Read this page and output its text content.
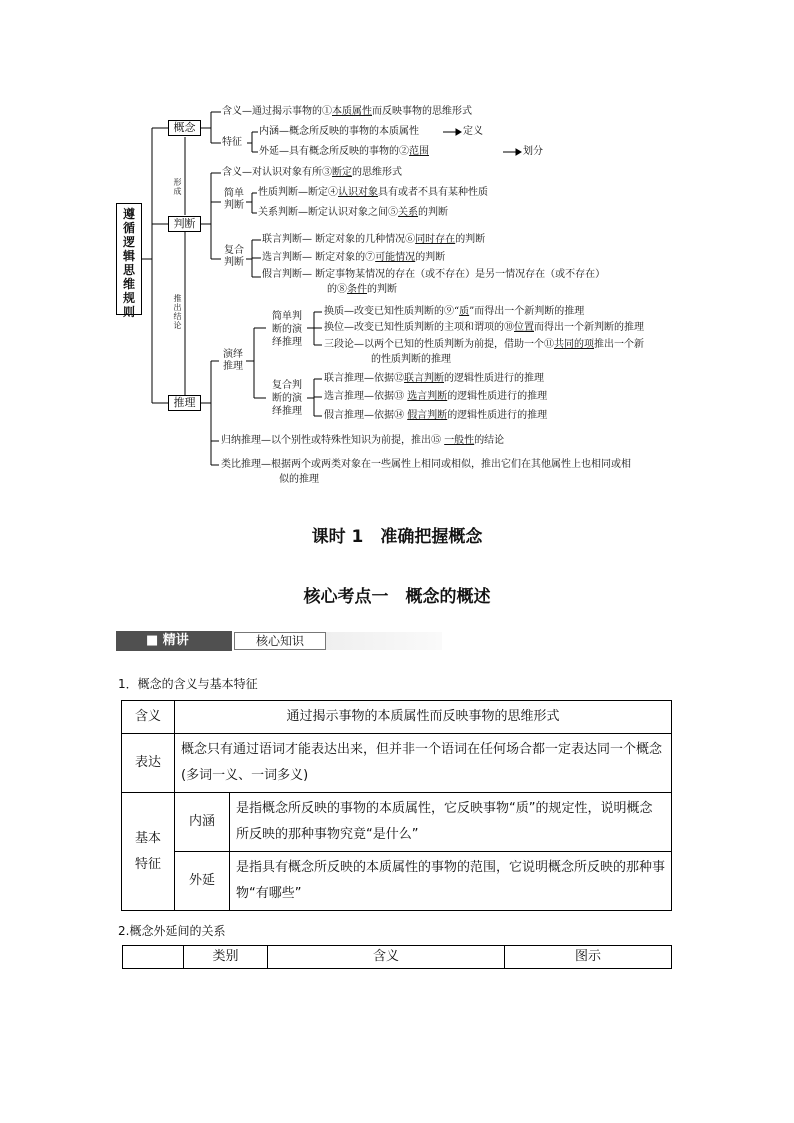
遵
循
逻
辑
思
维
规
则
概念
判断
推理
形
成
推
出
结
论
含义—通过揭示事物的①本质属性而反映事物的思维形式
特征
内涵—概念所反映的事物的本质属性	定义
外延—具有概念所反映的事物的②范围	划分
含义—对认识对象有所③断定的思维形式
简单
判断
性质判断—断定④认识对象具有或者不具有某种性质
关系判断—断定认识对象之间⑤关系的判断
复合
判断
联言判断— 断定对象的几种情况⑥同时存在的判断
选言判断— 断定对象的⑦可能情况的判断
假言判断— 断定事物某情况的存在（或不存在）是另一情况存在（或不存在）
的⑧条件的判断
演绎
推理
简单判
断的演
绎推理
换质—改变已知性质判断的⑨“质”而得出一个新判断的推理
换位—改变已知性质判断的主项和谓项的⑩位置而得出一个新判断的推理
三段论—以两个已知的性质判断为前提，借助一个⑪共同的项推出一个新
的性质判断的推理
复合判
断的演
绎推理
联言推理—依据⑫联言判断的逻辑性质进行的推理
选言推理—依据⑬ 选言判断的逻辑性质进行的推理
假言推理—依据⑭ 假言判断的逻辑性质进行的推理
归纳推理—以个别性或特殊性知识为前提，推出⑮ 一般性的结论
类比推理—根据两个或两类对象在一些属性上相同或相似，推出它们在其他属性上也相同或相
似的推理
课时 1　准确把握概念
核心考点一　概念的概述
■ 精讲	核心知识
1．概念的含义与基本特征
含义	通过揭示事物的本质属性而反映事物的思维形式	
表达	概念只有通过语词才能表达出来，但并非一个语词在任何场合都一定表达同一个概念(多词一义、一词多义)	

基本
特征	内涵	是指概念所反映的事物的本质属性，它反映事物“质”的规定性，说明概念所反映的那种事物究竟“是什么”
	外延	是指具有概念所反映的本质属性的事物的范围，它说明概念所反映的那种事物“有哪些”
2.概念外延间的关系
	类别	含义	图示
